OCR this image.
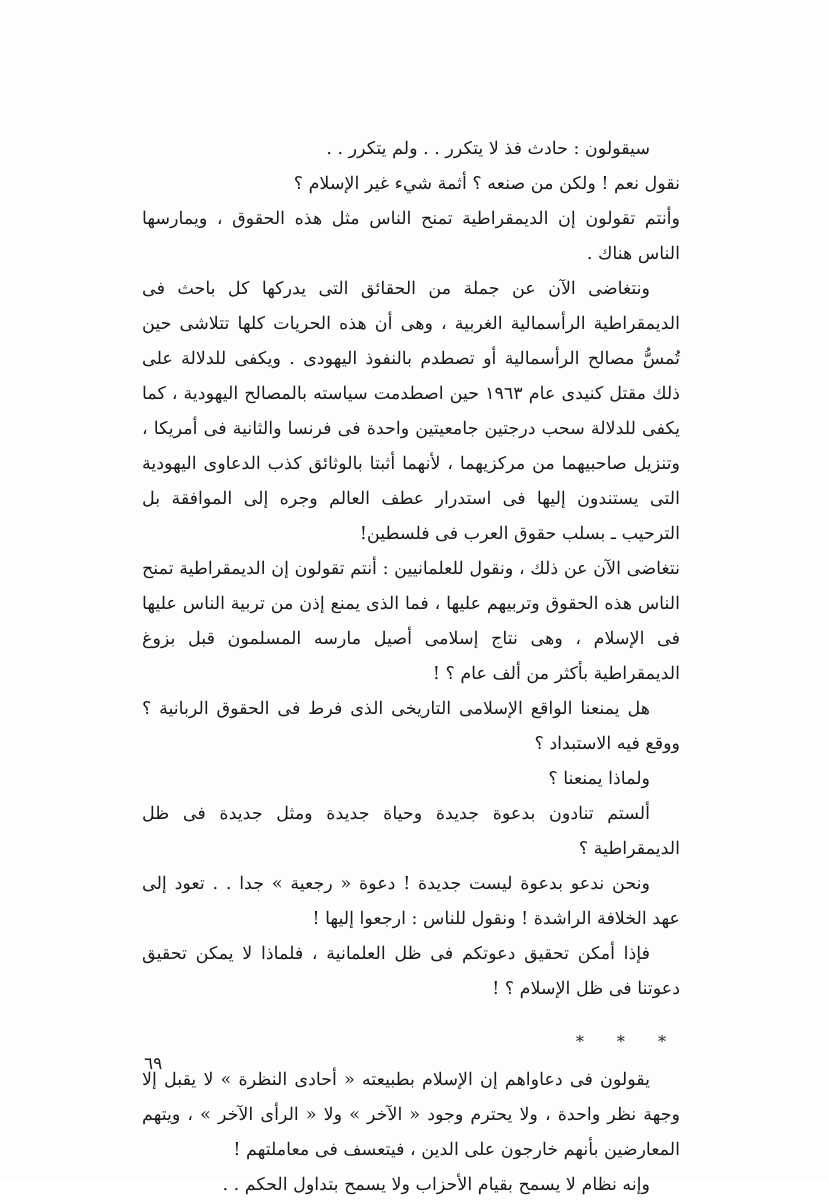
سيقولون : حادث فذ لا يتكرر . . ولم يتكرر . .

نقول نعم ! ولكن من صنعه ؟ أثمة شيء غير الإسلام ؟

وأنتم تقولون إن الديمقراطية تمنح الناس مثل هذه الحقوق ، ويمارسها الناس هناك .

ونتغاضى الآن عن جملة من الحقائق التى يدركها كل باحث فى الديمقراطية الرأسمالية الغربية ، وهى أن هذه الحريات كلها تتلاشى حين تُمسُّ مصالح الرأسمالية أو تصطدم بالنفوذ اليهودى . ويكفى للدلالة على ذلك مقتل كنيدى عام ١٩٦٣ حين اصطدمت سياسته بالمصالح اليهودية ، كما يكفى للدلالة سحب درجتين جامعيتين واحدة فى فرنسا والثانية فى أمريكا ، وتنزيل صاحبيهما من مركزيهما ، لأنهما أثبتا بالوثائق كذب الدعاوى اليهودية التى يستندون إليها فى استدرار عطف العالم وجره إلى الموافقة بل الترحيب ـ بسلب حقوق العرب فى فلسطين!

نتغاضى الآن عن ذلك ، ونقول للعلمانيين : أنتم تقولون إن الديمقراطية تمنح الناس هذه الحقوق وتربيهم عليها ، فما الذى يمنع إذن من تربية الناس عليها فى الإسلام ، وهى نتاج إسلامى أصيل مارسه المسلمون قبل بزوغ الديمقراطية بأكثر من ألف عام ؟ !

هل يمنعنا الواقع الإسلامى التاريخى الذى فرط فى الحقوق الربانية ؟ ووقع فيه الاستبداد ؟

ولماذا يمنعنا ؟

ألستم تنادون بدعوة جديدة وحياة جديدة ومثل جديدة فى ظل الديمقراطية ؟

ونحن ندعو بدعوة ليست جديدة ! دعوة « رجعية » جدا . . تعود إلى عهد الخلافة الراشدة ! ونقول للناس : ارجعوا إليها !

فإذا أمكن تحقيق دعوتكم فى ظل العلمانية ، فلماذا لا يمكن تحقيق دعوتنا فى ظل الإسلام ؟ !

* * *

يقولون فى دعاواهم إن الإسلام بطبيعته « أحادى النظرة » لا يقبل إلا وجهة نظر واحدة ، ولا يحترم وجود « الآخر » ولا « الرأى الآخر » ، ويتهم المعارضين بأنهم خارجون على الدين ، فيتعسف فى معاملتهم !

وإنه نظام لا يسمح بقيام الأحزاب ولا يسمح بتداول الحكم . .

٦٩
